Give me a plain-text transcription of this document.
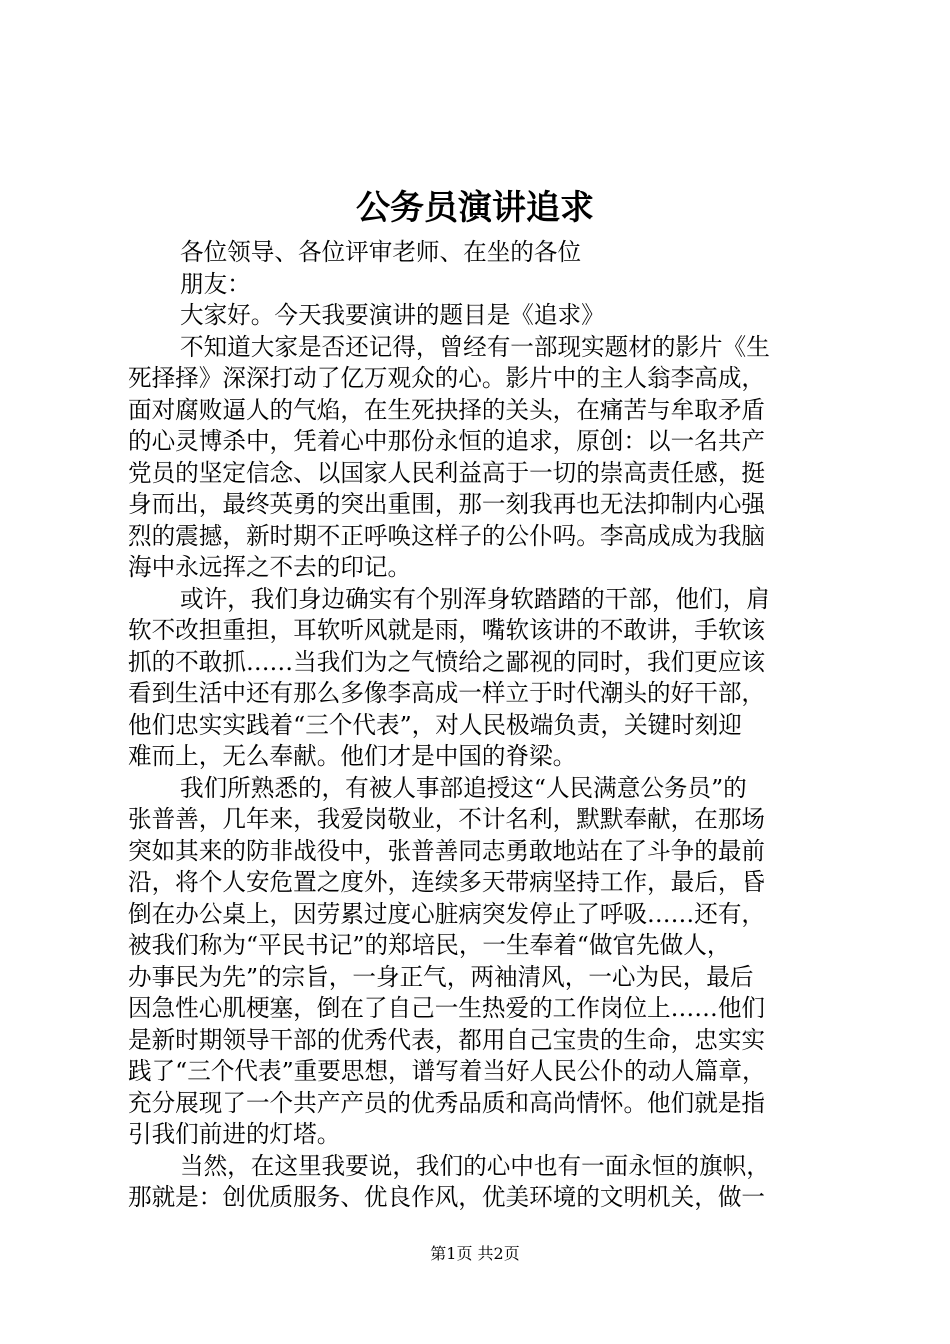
公务员演讲追求
各位领导、各位评审老师、在坐的各位
朋友：
大家好。今天我要演讲的题目是《追求》
不知道大家是否还记得，曾经有一部现实题材的影片《生
死择择》深深打动了亿万观众的心。影片中的主人翁李高成，
面对腐败逼人的气焰，在生死抉择的关头，在痛苦与牟取矛盾
的心灵博杀中，凭着心中那份永恒的追求，原创：以一名共产
党员的坚定信念、以国家人民利益高于一切的崇高责任感，挺
身而出，最终英勇的突出重围，那一刻我再也无法抑制内心强
烈的震撼，新时期不正呼唤这样子的公仆吗。李高成成为我脑
海中永远挥之不去的印记。
或许，我们身边确实有个别浑身软踏踏的干部，他们，肩
软不改担重担，耳软听风就是雨，嘴软该讲的不敢讲，手软该
抓的不敢抓……当我们为之气愤给之鄙视的同时，我们更应该
看到生活中还有那么多像李高成一样立于时代潮头的好干部，
他们忠实实践着“三个代表”，对人民极端负责，关键时刻迎
难而上，无么奉献。他们才是中国的脊梁。
我们所熟悉的，有被人事部追授这“人民满意公务员”的
张普善，几年来，我爱岗敬业，不计名利，默默奉献，在那场
突如其来的防非战役中，张普善同志勇敢地站在了斗争的最前
沿，将个人安危置之度外，连续多天带病坚持工作，最后，昏
倒在办公桌上，因劳累过度心脏病突发停止了呼吸……还有，
被我们称为“平民书记”的郑培民，一生奉着“做官先做人，
办事民为先”的宗旨，一身正气，两袖清风，一心为民，最后
因急性心肌梗塞，倒在了自己一生热爱的工作岗位上……他们
是新时期领导干部的优秀代表，都用自己宝贵的生命，忠实实
践了“三个代表”重要思想，谱写着当好人民公仆的动人篇章，
充分展现了一个共产产员的优秀品质和高尚情怀。他们就是指
引我们前进的灯塔。
当然，在这里我要说，我们的心中也有一面永恒的旗帜，
那就是：创优质服务、优良作风，优美环境的文明机关，做一
第1页 共2页
